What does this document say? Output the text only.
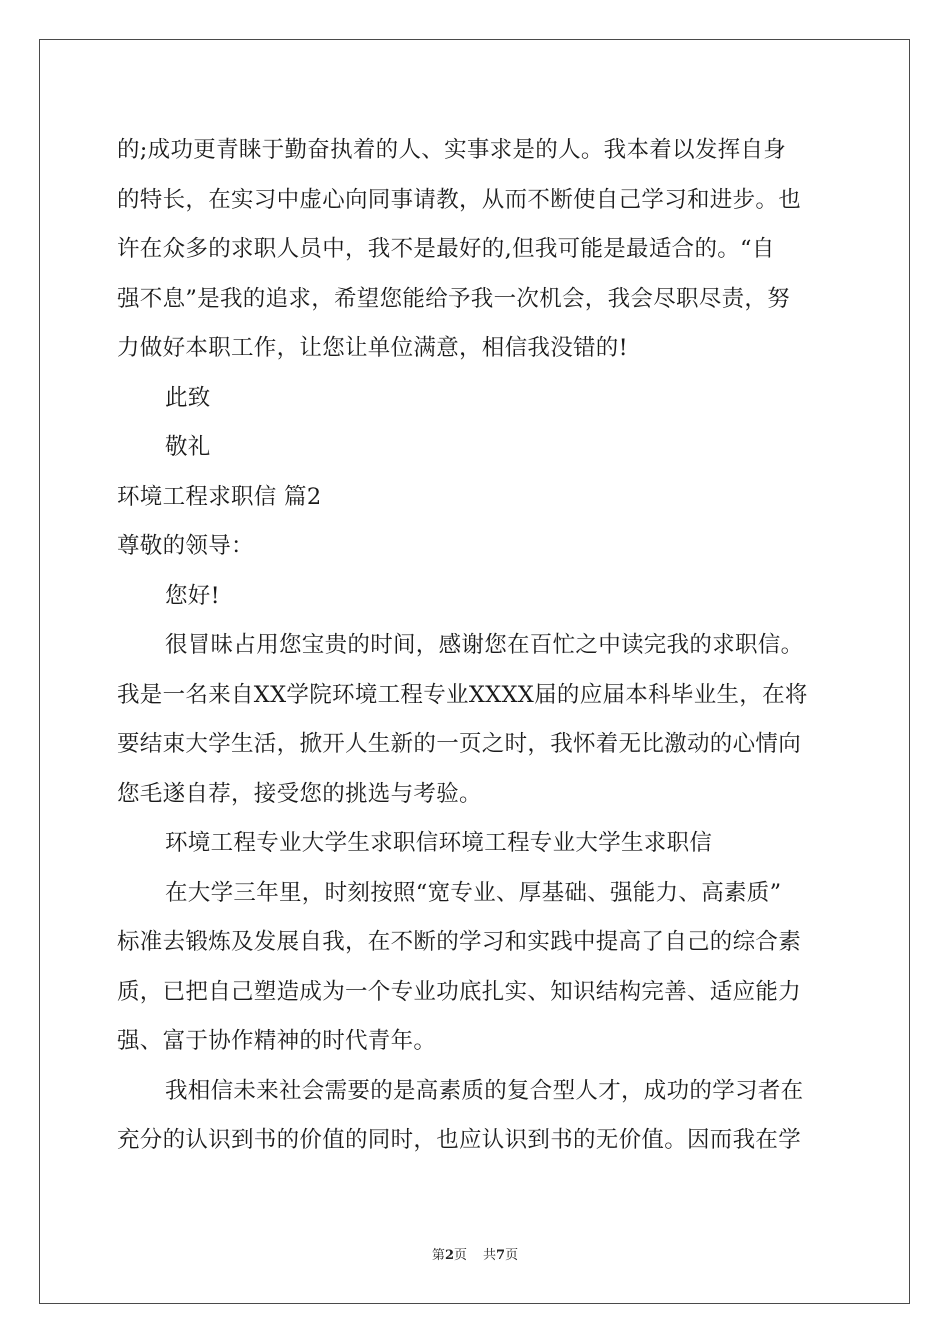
的;成功更青睐于勤奋执着的人、实事求是的人。我本着以发挥自身
的特长，在实习中虚心向同事请教，从而不断使自己学习和进步。也
许在众多的求职人员中，我不是最好的,但我可能是最适合的。“自
强不息”是我的追求，希望您能给予我一次机会，我会尽职尽责，努
力做好本职工作，让您让单位满意，相信我没错的!
此致
敬礼
环境工程求职信 篇2
尊敬的领导：
您好!
很冒昧占用您宝贵的时间，感谢您在百忙之中读完我的求职信。
我是一名来自XX学院环境工程专业XXXX届的应届本科毕业生，在将
要结束大学生活，掀开人生新的一页之时，我怀着无比激动的心情向
您毛遂自荐，接受您的挑选与考验。
环境工程专业大学生求职信环境工程专业大学生求职信
在大学三年里，时刻按照“宽专业、厚基础、强能力、高素质”
标准去锻炼及发展自我，在不断的学习和实践中提高了自己的综合素
质，已把自己塑造成为一个专业功底扎实、知识结构完善、适应能力
强、富于协作精神的时代青年。
我相信未来社会需要的是高素质的复合型人才，成功的学习者在
充分的认识到书的价值的同时，也应认识到书的无价值。因而我在学
第2页 共7页
